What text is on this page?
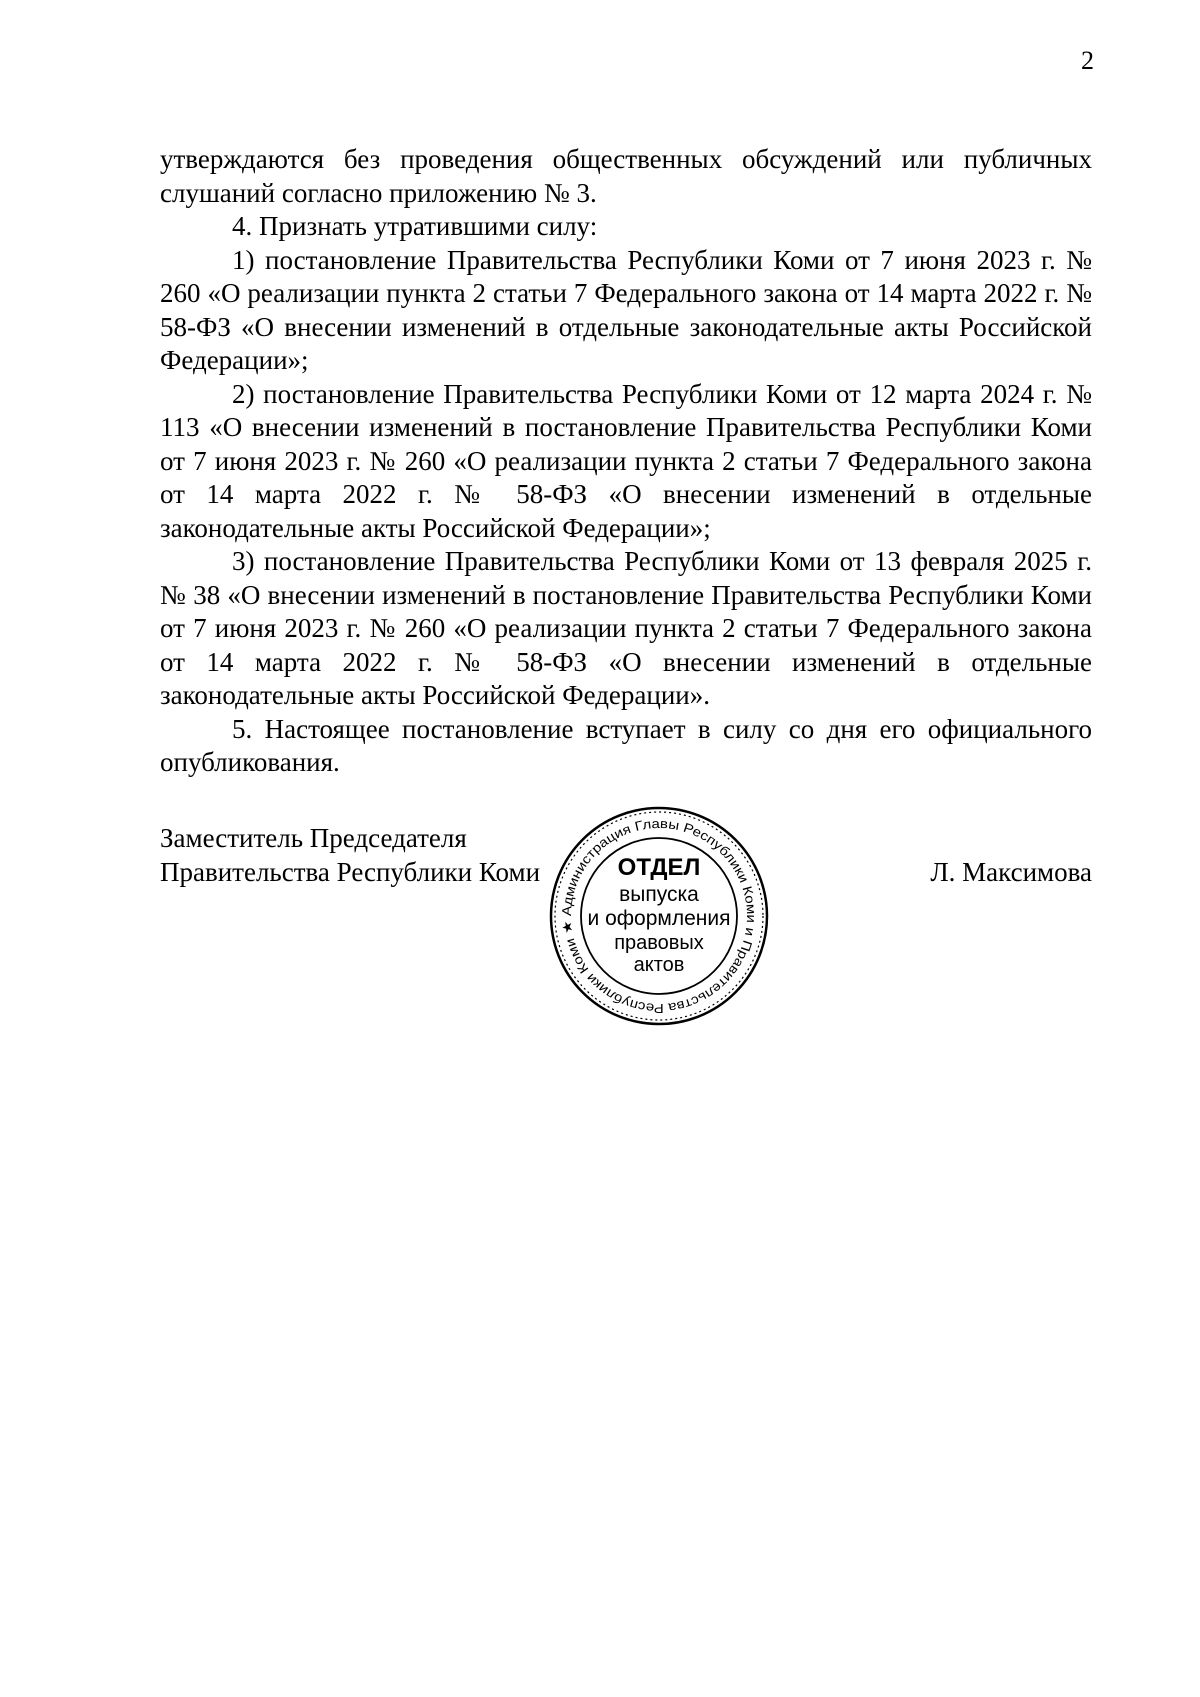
2

утверждаются без проведения общественных обсуждений или публичных слушаний согласно приложению № 3.

4. Признать утратившими силу:

1) постановление Правительства Республики Коми от 7 июня 2023 г. № 260 «О реализации пункта 2 статьи 7 Федерального закона от 14 марта 2022 г. № 58-ФЗ «О внесении изменений в отдельные законодательные акты Российской Федерации»;

2) постановление Правительства Республики Коми от 12 марта 2024 г. № 113 «О внесении изменений в постановление Правительства Республики Коми от 7 июня 2023 г. № 260 «О реализации пункта 2 статьи 7 Федерального закона от 14 марта 2022 г. № 58-ФЗ «О внесении изменений в отдельные законодательные акты Российской Федерации»;

3) постановление Правительства Республики Коми от 13 февраля 2025 г. № 38 «О внесении изменений в постановление Правительства Республики Коми от 7 июня 2023 г. № 260 «О реализации пункта 2 статьи 7 Федерального закона от 14 марта 2022 г. № 58-ФЗ «О внесении изменений в отдельные законодательные акты Российской Федерации».

5. Настоящее постановление вступает в силу со дня его официального опубликования.

Заместитель Председателя
Правительства Республики Коми	Л. Максимова
Администрация Главы Республики Коми и Правительства Республики Коми ★
ОТДЕЛ
выпуска
и оформления
правовых
актов
